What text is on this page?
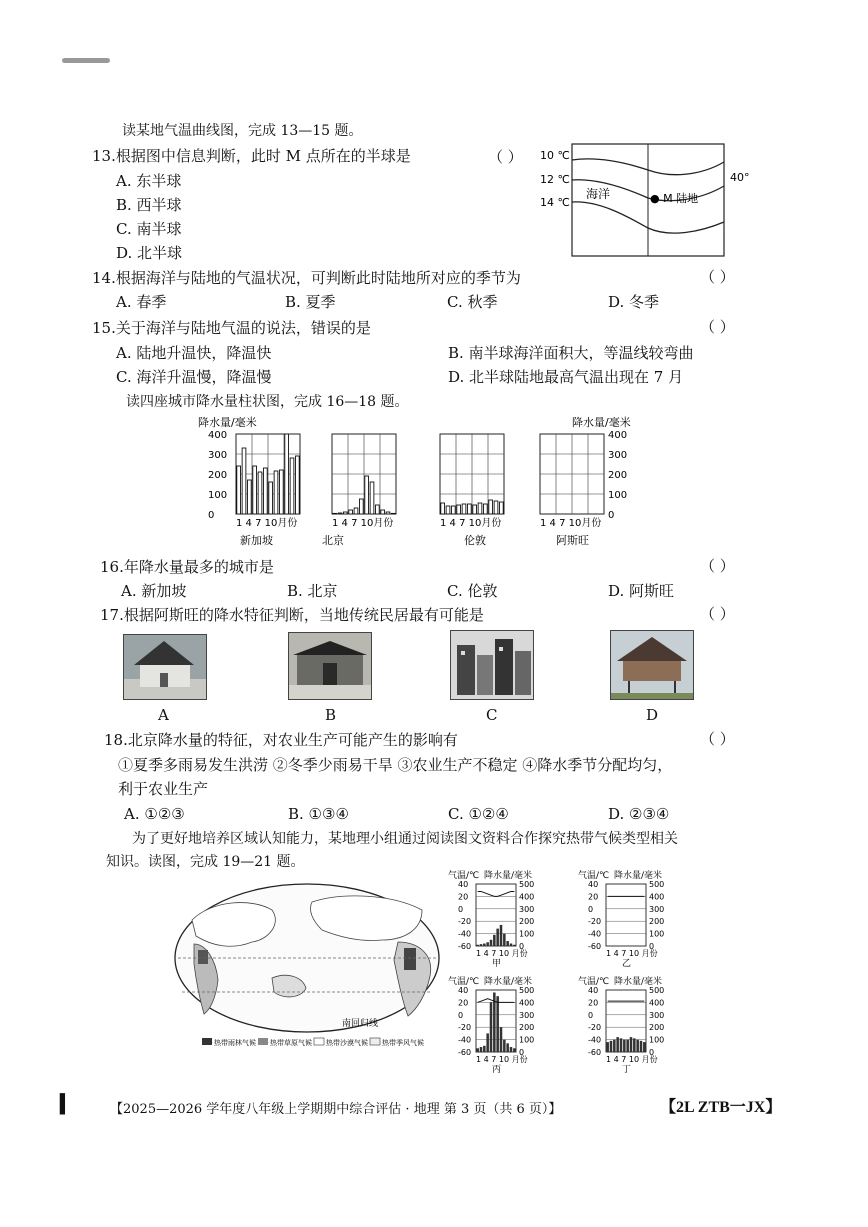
读某地气温曲线图，完成 13—15 题。
13.根据图中信息判断，此时 M 点所在的半球是	（ ）
A. 东半球
B. 西半球
C. 南半球
D. 北半球
10 ℃
12 ℃
14 ℃
40°
海洋	● M 陆地
14.根据海洋与陆地的气温状况，可判断此时陆地所对应的季节为	（ ）
A. 春季	B. 夏季	C. 秋季	D. 冬季
15.关于海洋与陆地气温的说法，错误的是	（ ）
A. 陆地升温快，降温快	B. 南半球海洋面积大，等温线较弯曲
C. 海洋升温慢，降温慢	D. 北半球陆地最高气温出现在 7 月
读四座城市降水量柱状图，完成 16—18 题。
1 4 7 10月份
400
300
200
100
0
1 4 7 10月份	1 4 7 10月份	1 4 7 10月份
400
300
200
100
0
降水量/毫米	降水量/毫米
新加坡	北京	伦敦	阿斯旺
16.年降水量最多的城市是	（ ）
A. 新加坡	B. 北京	C. 伦敦	D. 阿斯旺
17.根据阿斯旺的降水特征判断，当地传统民居最有可能是	（ ）
A	B	C	D
18.北京降水量的特征，对农业生产可能产生的影响有	（ ）
①夏季多雨易发生洪涝 ②冬季少雨易干旱 ③农业生产不稳定 ④降水季节分配均匀，
利于农业生产
A. ①②③	B. ①③④	C. ①②④	D. ②③④
为了更好地培养区域认知能力，某地理小组通过阅读图文资料合作探究热带气候类型相关
知识。读图，完成 19—21 题。
南回归线
热带雨林气候 热带草原气候 热带沙漠气候 热带季风气候
气温/℃ 降水量/毫米
40
20
0
-20
-40
-60
500
400
300
200
100
0
1 4 7 10 月份
甲
气温/℃ 降水量/毫米
40
20
0
-20
-40
-60
500
400
300
200
100
0
1 4 7 10 月份
乙
气温/℃ 降水量/毫米
40
20
0
-20
-40
-60
500
400
300
200
100
0
1 4 7 10 月份
丙
气温/℃ 降水量/毫米
40
20
0
-20
-40
-60
500
400
300
200
100
0
1 4 7 10 月份
丁
▍	【2025—2026 学年度八年级上学期期中综合评估 · 地理 第 3 页（共 6 页）】	【2L ZTB一JX】
